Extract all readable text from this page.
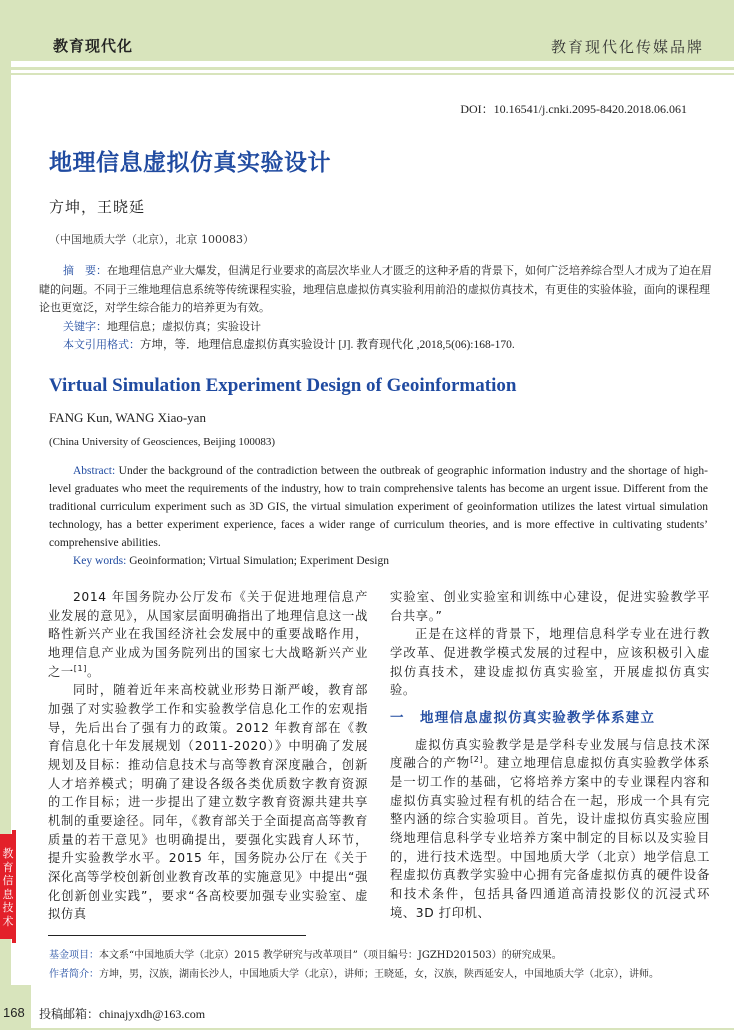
教育现代化	教育现代化传媒品牌
DOI：10.16541/j.cnki.2095-8420.2018.06.061
地理信息虚拟仿真实验设计
方坤，王晓延
（中国地质大学（北京），北京 100083）

摘　要：在地理信息产业大爆发，但满足行业要求的高层次毕业人才匮乏的这种矛盾的背景下，如何广泛培养综合型人才成为了迫在眉睫的问题。不同于三维地理信息系统等传统课程实验，地理信息虚拟仿真实验利用前沿的虚拟仿真技术，有更佳的实验体验，面向的课程理论也更宽泛，对学生综合能力的培养更为有效。

关键字：地理信息；虚拟仿真；实验设计

本文引用格式：方坤，等．地理信息虚拟仿真实验设计 [J]. 教育现代化 ,2018,5(06):168-170.

Virtual Simulation Experiment Design of Geoinformation
FANG Kun, WANG Xiao-yan
(China University of Geosciences, Beijing 100083)

Abstract: Under the background of the contradiction between the outbreak of geographic information industry and the shortage of high-level graduates who meet the requirements of the industry, how to train comprehensive talents has become an urgent issue. Different from the traditional curriculum experiment such as 3D GIS, the virtual simulation experiment of geoinformation utilizes the latest virtual simulation technology, has a better experiment experience, faces a wider range of curriculum theories, and is more effective in cultivating students’ comprehensive abilities.

Key words: Geoinformation; Virtual Simulation; Experiment Design

2014 年国务院办公厅发布《关于促进地理信息产业发展的意见》，从国家层面明确指出了地理信息这一战略性新兴产业在我国经济社会发展中的重要战略作用，地理信息产业成为国务院列出的国家七大战略新兴产业之一[1]。

同时，随着近年来高校就业形势日渐严峻，教育部加强了对实验教学工作和实验教学信息化工作的宏观指导，先后出台了强有力的政策。2012 年教育部在《教育信息化十年发展规划（2011-2020）》中明确了发展规划及目标：推动信息技术与高等教育深度融合，创新人才培养模式；明确了建设各级各类优质数字教育资源的工作目标；进一步提出了建立数字教育资源共建共享机制的重要途径。同年，《教育部关于全面提高高等教育质量的若干意见》也明确提出，要强化实践育人环节，提升实验教学水平。2015 年，国务院办公厅在《关于深化高等学校创新创业教育改革的实施意见》中提出“强化创新创业实践”，要求“各高校要加强专业实验室、虚拟仿真

实验室、创业实验室和训练中心建设，促进实验教学平台共享。”

正是在这样的背景下，地理信息科学专业在进行教学改革、促进教学模式发展的过程中，应该积极引入虚拟仿真技术，建设虚拟仿真实验室，开展虚拟仿真实验。

一 地理信息虚拟仿真实验教学体系建立

虚拟仿真实验教学是是学科专业发展与信息技术深度融合的产物[2]。建立地理信息虚拟仿真实验教学体系是一切工作的基础，它将培养方案中的专业课程内容和虚拟仿真实验过程有机的结合在一起，形成一个具有完整内涵的综合实验项目。首先，设计虚拟仿真实验应围绕地理信息科学专业培养方案中制定的目标以及实验目的，进行技术选型。中国地质大学（北京）地学信息工程虚拟仿真教学实验中心拥有完备虚拟仿真的硬件设备和技术条件，包括具备四通道高清投影仪的沉浸式环境、3D 打印机、

教
育
信
息
技
术
基金项目：本文系“中国地质大学（北京）2015 教学研究与改革项目”（项目编号：JGZHD201503）的研究成果。
作者简介：方坤，男，汉族，湖南长沙人，中国地质大学（北京），讲师；王晓延，女，汉族，陕西延安人，中国地质大学（北京），讲师。
168 投稿邮箱：chinajyxdh@163.com
